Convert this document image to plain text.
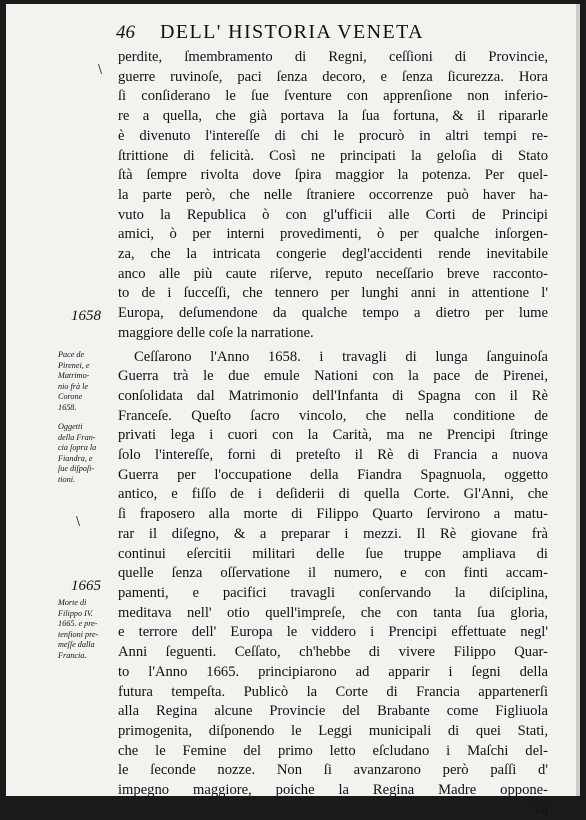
46 DELL' HISTORIA VENETA
\
perdite, ſmembramento di Regni, ceſſioni di Provincie,
guerre ruvinoſe, paci ſenza decoro, e ſenza ſicurezza. Hora
ſi conſiderano le ſue ſventure con apprenſione non inferio-
re a quella, che già portava la ſua fortuna, & il ripararle
è divenuto l'intereſſe di chi le procurò in altri tempi re-
ſtrittione di felicità. Così ne principati la geloſia di Stato
ſtà ſempre rivolta dove ſpira maggior la potenza. Per quel-
la parte però, che nelle ſtraniere occorrenze può haver ha-
vuto la Republica ò con gl'ufficii alle Corti de Principi
amici, ò per interni provedimenti, ò per qualche inſorgen-
za, che la intricata congerie degl'accidenti rende inevitabile
anco alle più caute riſerve, reputo neceſſario breve racconto-
to de i ſucceſſi, che tennero per lunghi anni in attentione l'
Europa, deſumendone da qualche tempo a dietro per lume
maggiore delle coſe la narratione.
Ceſſarono l'Anno 1658. i travagli di lunga ſanguinoſa
Guerra trà le due emule Nationi con la pace de Pirenei,
conſolidata dal Matrimonio dell'Infanta di Spagna con il Rè
Franceſe. Queſto ſacro vincolo, che nella conditione de
privati lega i cuori con la Carità, ma ne Prencipi ſtringe
ſolo l'intereſſe, forni di preteſto il Rè di Francia a nuova
Guerra per l'occupatione della Fiandra Spagnuola, oggetto
antico, e fiſſo de i deſiderii di quella Corte. Gl'Anni, che
ſi fraposero alla morte di Filippo Quarto ſervirono a matu-
rar il diſegno, & a preparar i mezzi. Il Rè giovane frà
continui eſercitii militari delle ſue truppe ampliava di
quelle ſenza oſſervatione il numero, e con finti accam-
pamenti, e pacifici travagli conſervando la diſciplina,
meditava nell' otio quell'impreſe, che con tanta ſua gloria,
e terrore dell' Europa le viddero i Prencipi effettuate negl'
Anni ſeguenti. Ceſſato, ch'hebbe di vivere Filippo Quar-
to l'Anno 1665. principiarono ad apparir i ſegni della
futura tempeſta. Publicò la Corte di Francia appartenerſi
alla Regina alcune Provincie del Brabante come Figliuola
primogenita, diſponendo le Leggi municipali di quei Stati,
che le Femine del primo letto eſcludano i Maſchi del-
le ſeconde nozze. Non ſi avanzarono però paſſi d'
impegno maggiore, poiche la Regina Madre oppone-
va
1658
Pace de
Pirenei, e
Matrimo-
nio frà le
Corone
1658.
Oggetti
della Fran-
cia ſopra la
Fiandra, e
ſue diſpoſi-
tioni.
\
1665
Morte di
Filippo IV.
1665. e pre-
tenſioni pre-
meſſe dalla
Francia.
